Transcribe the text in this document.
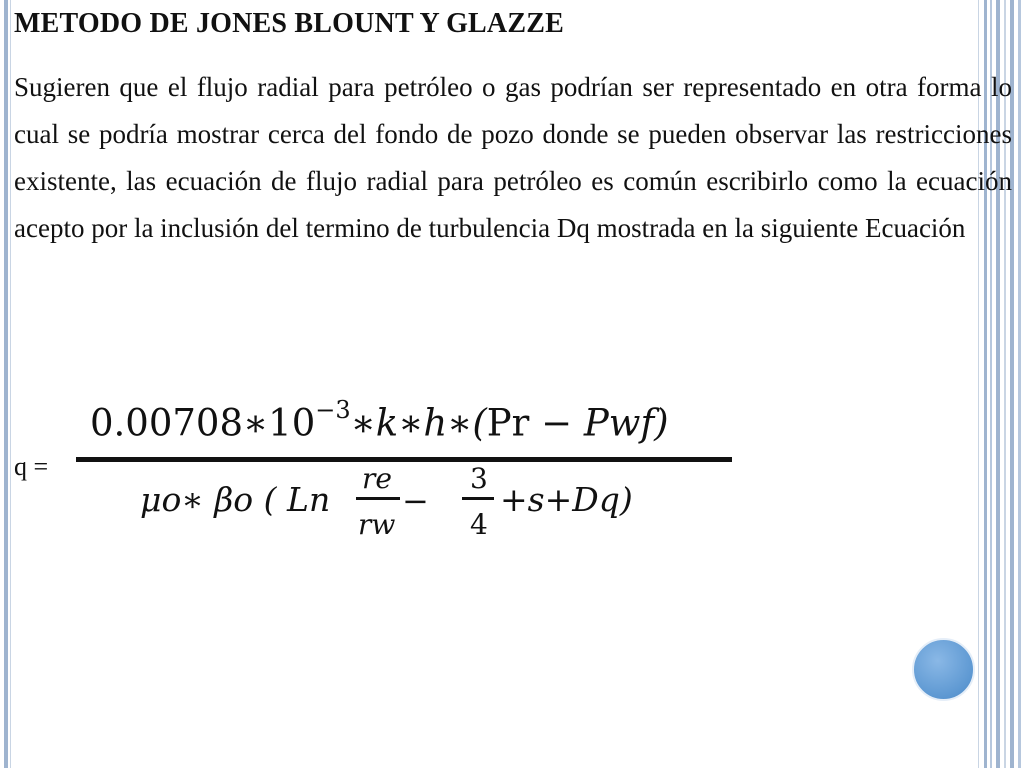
METODO DE JONES BLOUNT Y GLAZZE
Sugieren que el flujo radial para petróleo o gas podrían ser representado en otra forma lo cual se podría mostrar cerca del fondo de pozo donde se pueden observar las restricciones existente, las ecuación de flujo radial para petróleo es común escribirlo como la ecuación acepto por la inclusión del termino de turbulencia Dq mostrada en la siguiente Ecuación
q =
$0.00708∗10^{-3}∗k∗h∗(Pr - Pwf)$
μo∗ βo ( Ln
re
rw
−
3
4
+s+Dq)
